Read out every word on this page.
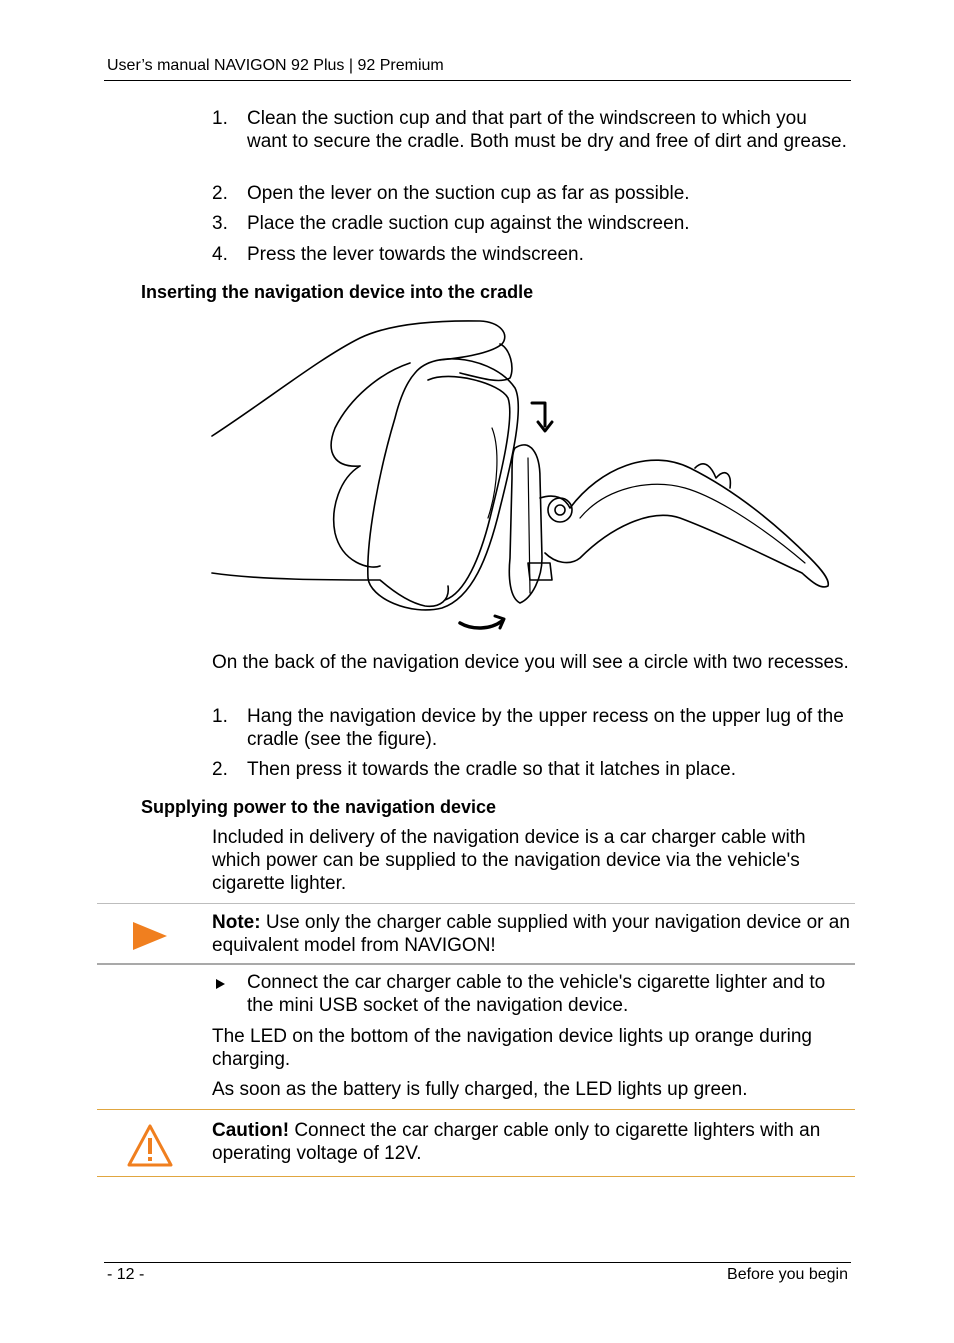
User’s manual NAVIGON 92 Plus | 92 Premium
1. Clean the suction cup and that part of the windscreen to which you want to secure the cradle. Both must be dry and free of dirt and grease.
2. Open the lever on the suction cup as far as possible.
3. Place the cradle suction cup against the windscreen.
4. Press the lever towards the windscreen.
Inserting the navigation device into the cradle
On the back of the navigation device you will see a circle with two recesses.
1. Hang the navigation device by the upper recess on the upper lug of the cradle (see the figure).
2. Then press it towards the cradle so that it latches in place.
Supplying power to the navigation device
Included in delivery of the navigation device is a car charger cable with which power can be supplied to the navigation device via the vehicle's cigarette lighter.
Note: Use only the charger cable supplied with your navigation device or an equivalent model from NAVIGON!
Connect the car charger cable to the vehicle's cigarette lighter and to the mini USB socket of the navigation device.
The LED on the bottom of the navigation device lights up orange during charging.
As soon as the battery is fully charged, the LED lights up green.
Caution! Connect the car charger cable only to cigarette lighters with an operating voltage of 12V.
- 12 -	Before you begin
